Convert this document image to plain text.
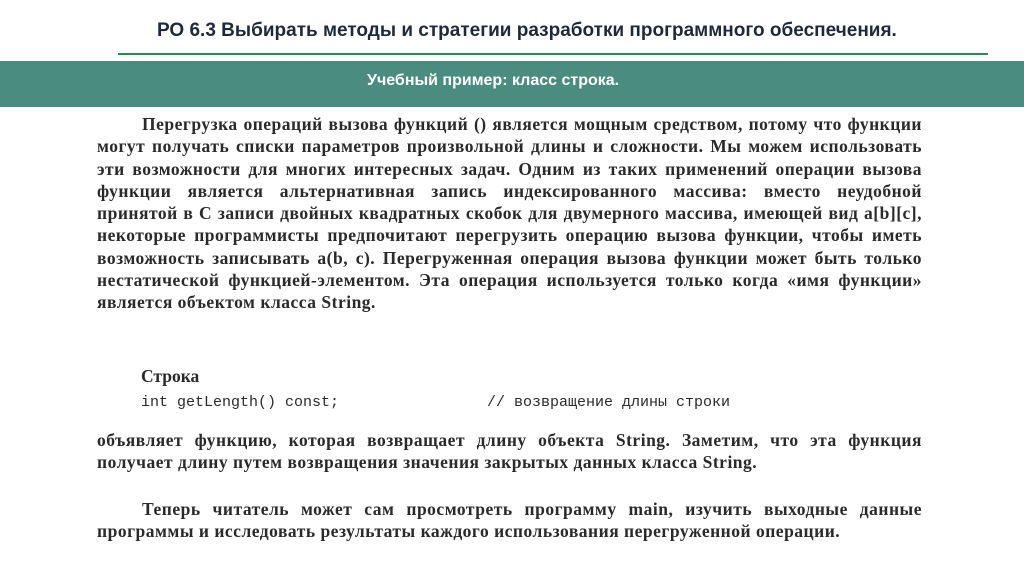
РО 6.3 Выбирать методы и стратегии разработки программного обеспечения.
Учебный пример: класс строка.
Перегрузка операций вызова функций () является мощным средством, потому что функции могут получать списки параметров произвольной длины и сложности. Мы можем использовать эти возможности для многих интересных задач. Одним из таких применений операции вызова функции является альтернативная запись индексированного массива: вместо неудобной принятой в С записи двойных квадратных скобок для двумерного массива, имеющей вид a[b][c], некоторые программисты предпочитают перегрузить операцию вызова функции, чтобы иметь возможность записывать a(b, c). Перегруженная операция вызова функции может быть только нестатической функцией-элементом. Эта операция используется только когда «имя функции» является объектом класса String.
Строка
int getLength() const;	// возвращение длины строки
объявляет функцию, которая возвращает длину объекта String. Заметим, что эта функция получает длину путем возвращения значения закрытых данных класса String.
Теперь читатель может сам просмотреть программу main, изучить выходные данные программы и исследовать результаты каждого использования перегруженной операции.
